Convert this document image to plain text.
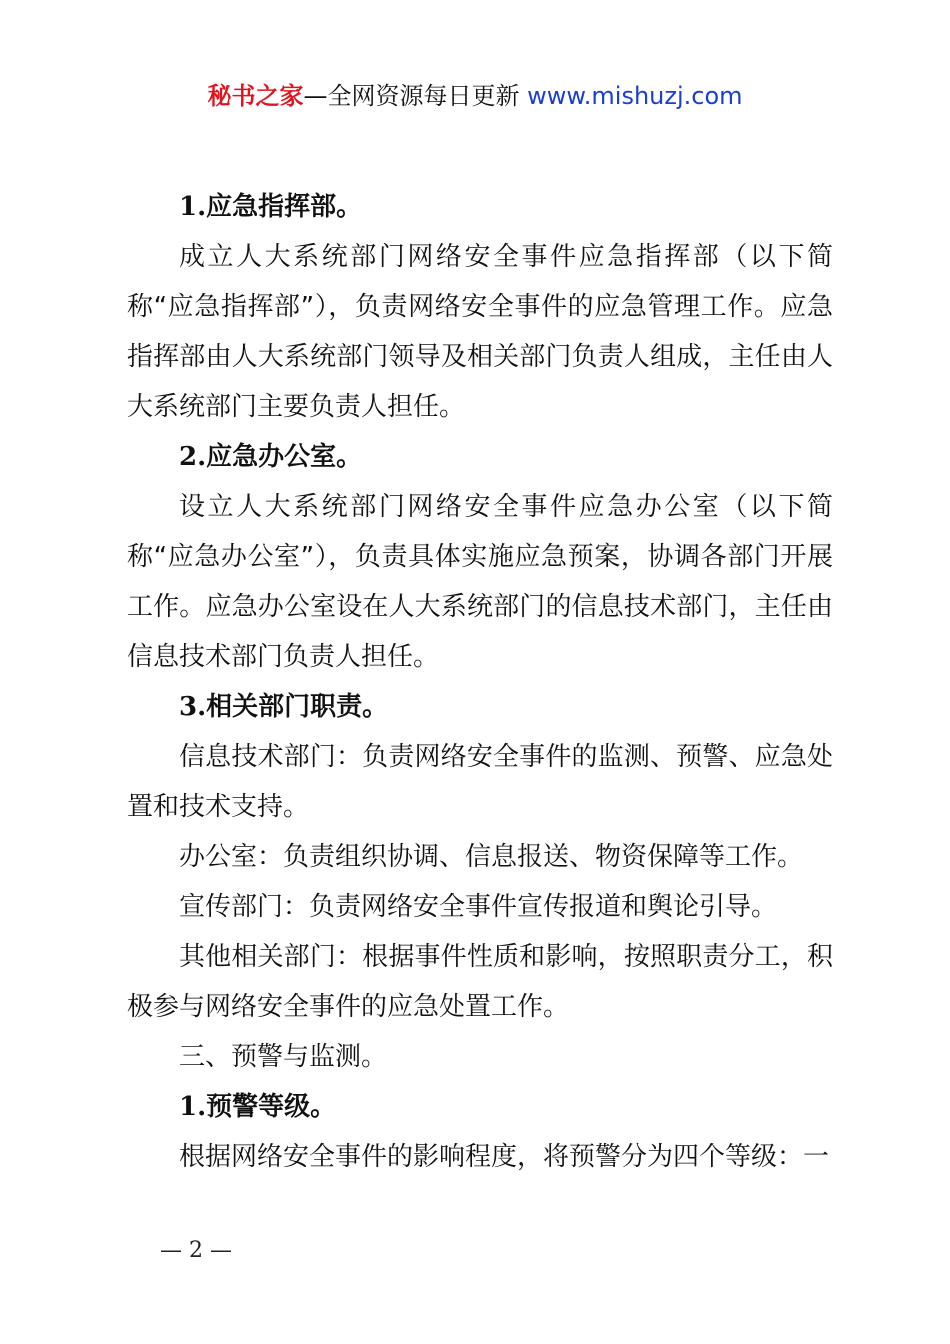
秘书之家—全网资源每日更新 www.mishuzj.com

1.应急指挥部。

成立人大系统部门网络安全事件应急指挥部（以下简称“应急指挥部”），负责网络安全事件的应急管理工作。应急指挥部由人大系统部门领导及相关部门负责人组成，主任由人大系统部门主要负责人担任。

2.应急办公室。

设立人大系统部门网络安全事件应急办公室（以下简称“应急办公室”），负责具体实施应急预案，协调各部门开展工作。应急办公室设在人大系统部门的信息技术部门，主任由信息技术部门负责人担任。

3.相关部门职责。

信息技术部门：负责网络安全事件的监测、预警、应急处置和技术支持。

办公室：负责组织协调、信息报送、物资保障等工作。

宣传部门：负责网络安全事件宣传报道和舆论引导。

其他相关部门：根据事件性质和影响，按照职责分工，积极参与网络安全事件的应急处置工作。

三、预警与监测。

1.预警等级。

根据网络安全事件的影响程度，将预警分为四个等级：一

— 2 —
